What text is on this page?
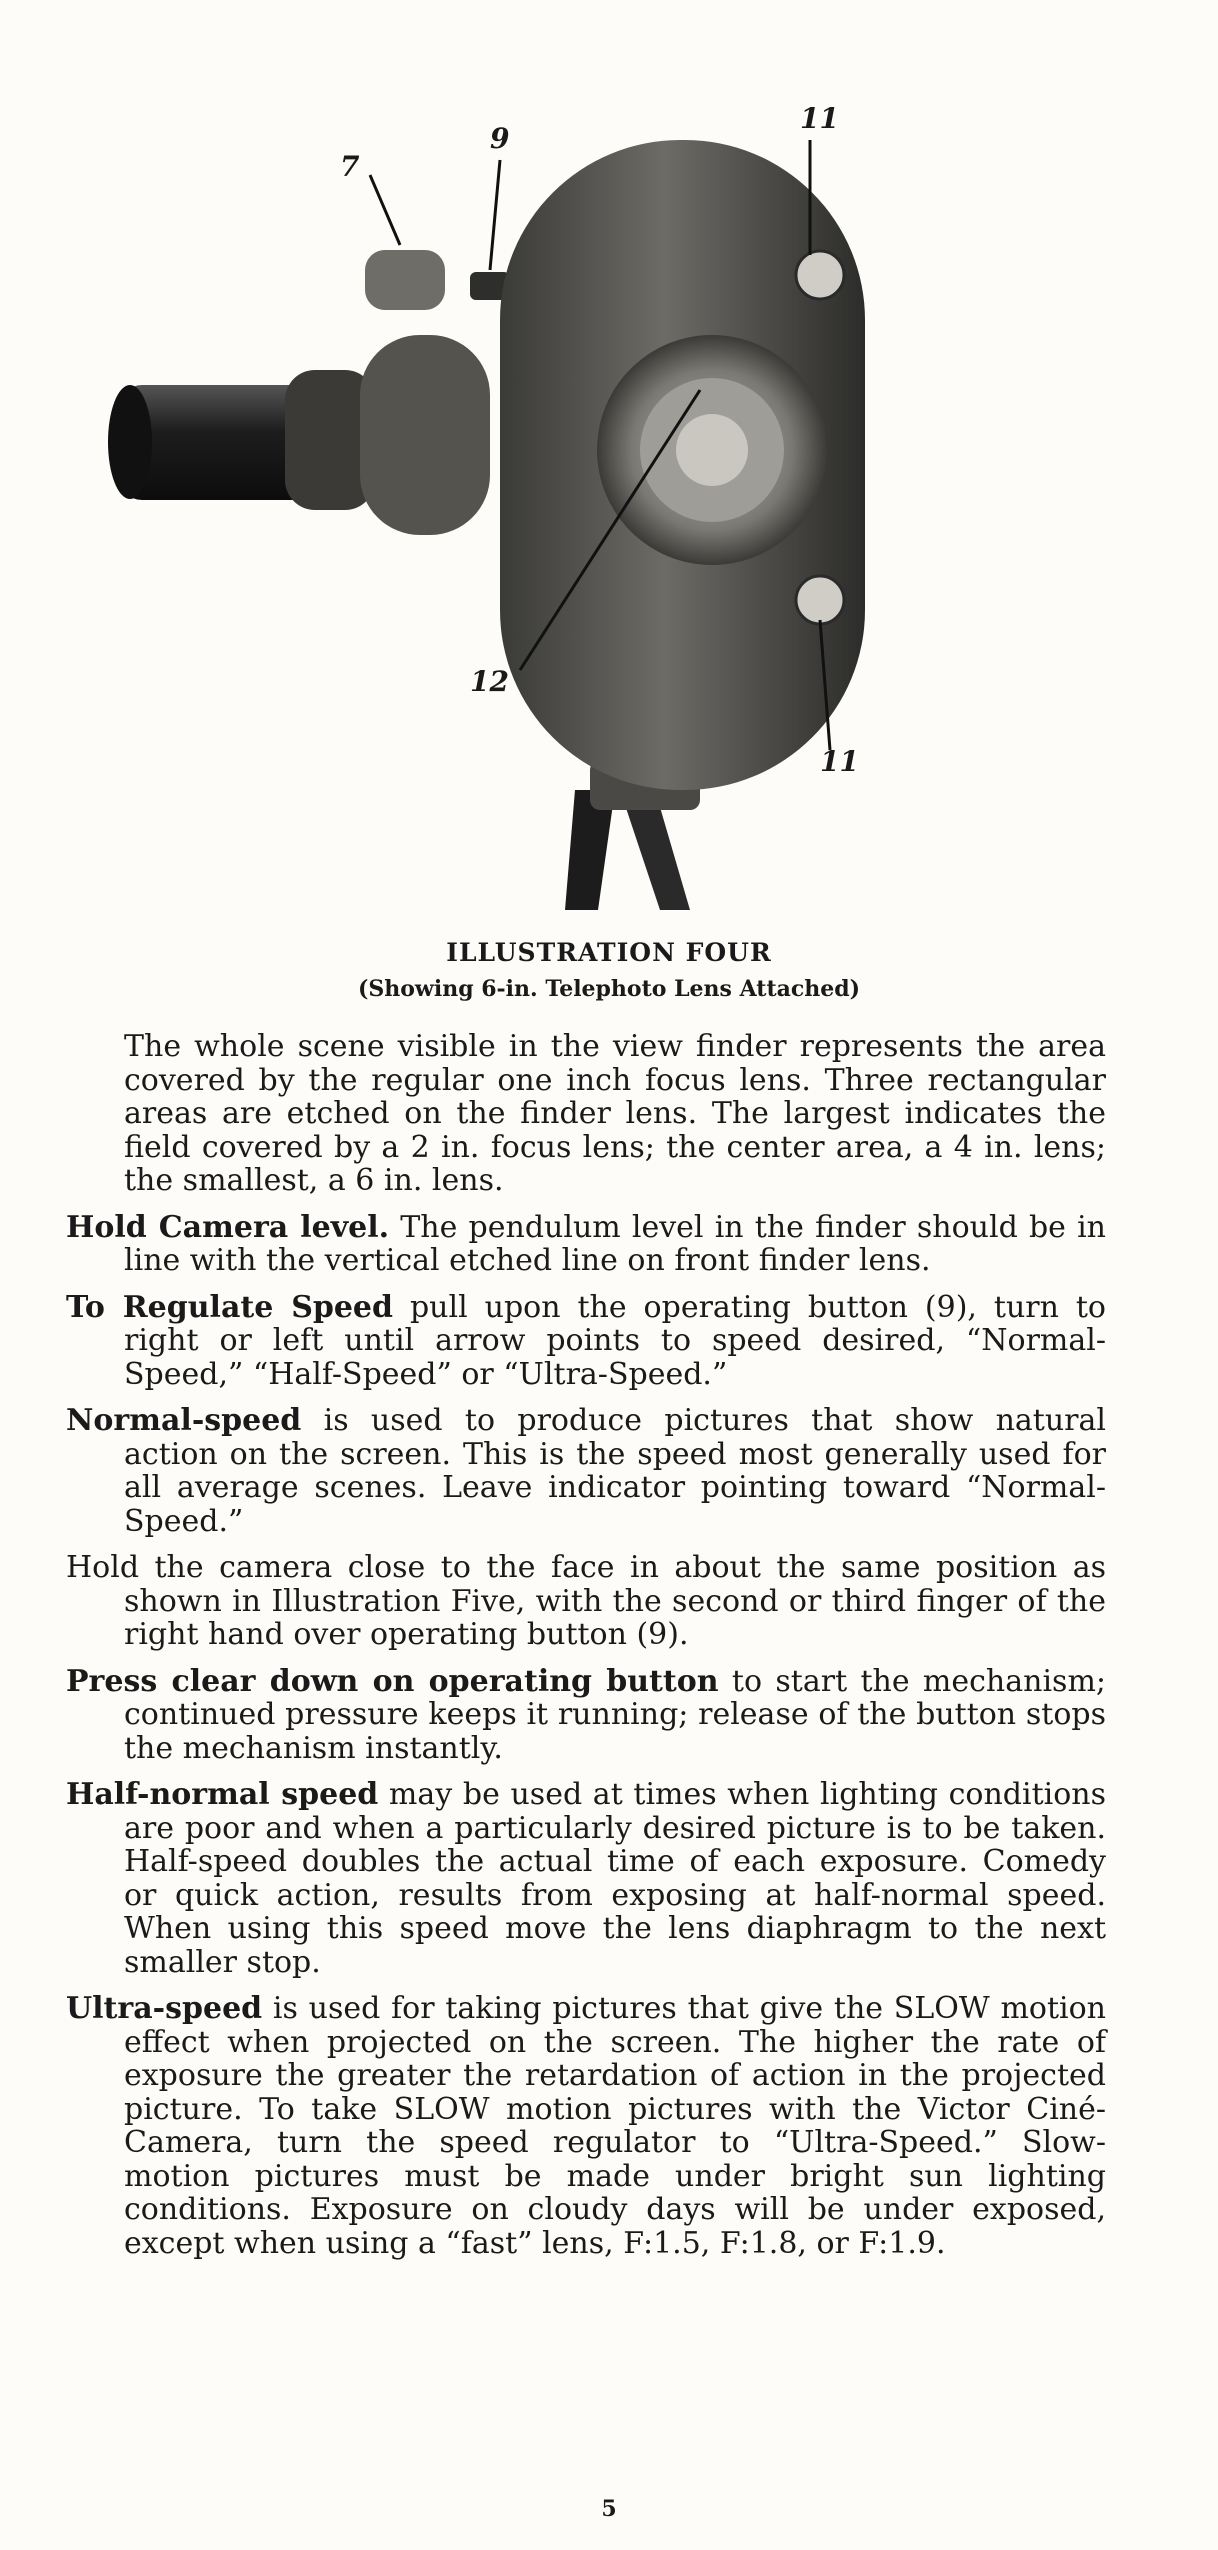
7
9
11
12
11
ILLUSTRATION FOUR
(Showing 6-in. Telephoto Lens Attached)

The whole scene visible in the view finder represents the area covered by the regular one inch focus lens. Three rectangular areas are etched on the finder lens. The largest indicates the field covered by a 2 in. focus lens; the center area, a 4 in. lens; the smallest, a 6 in. lens.

Hold Camera level. The pendulum level in the finder should be in line with the vertical etched line on front finder lens.

To Regulate Speed pull upon the operating button (9), turn to right or left until arrow points to speed desired, “Normal-Speed,” “Half-Speed” or “Ultra-Speed.”

Normal-speed is used to produce pictures that show natural action on the screen. This is the speed most generally used for all average scenes. Leave indicator pointing toward “Normal-Speed.”

Hold the camera close to the face in about the same position as shown in Illustration Five, with the second or third finger of the right hand over operating button (9).

Press clear down on operating button to start the mechanism; continued pressure keeps it running; release of the button stops the mechanism instantly.

Half-normal speed may be used at times when lighting conditions are poor and when a particularly desired picture is to be taken. Half-speed doubles the actual time of each exposure. Comedy or quick action, results from exposing at half-normal speed. When using this speed move the lens diaphragm to the next smaller stop.

Ultra-speed is used for taking pictures that give the SLOW motion effect when projected on the screen. The higher the rate of exposure the greater the retardation of action in the projected picture. To take SLOW motion pictures with the Victor Ciné-Camera, turn the speed regulator to “Ultra-Speed.” Slow-motion pictures must be made under bright sun lighting conditions. Exposure on cloudy days will be under exposed, except when using a “fast” lens, F:1.5, F:1.8, or F:1.9.

5
